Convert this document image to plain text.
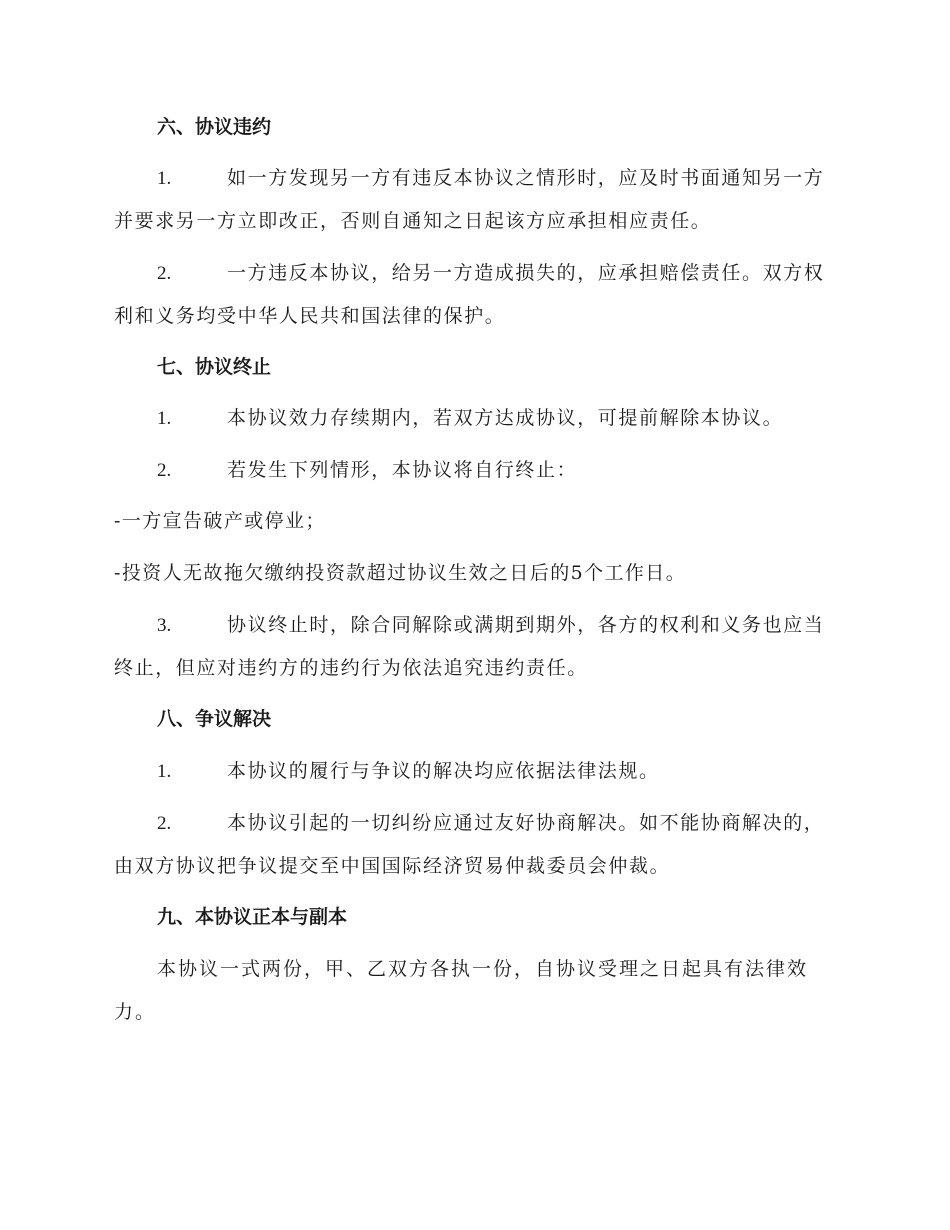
六、协议违约

1.	如一方发现另一方有违反本协议之情形时，应及时书面通知另一方并要求另一方立即改正，否则自通知之日起该方应承担相应责任。

2.	一方违反本协议，给另一方造成损失的，应承担赔偿责任。双方权利和义务均受中华人民共和国法律的保护。

七、协议终止

1.	本协议效力存续期内，若双方达成协议，可提前解除本协议。

2.	若发生下列情形，本协议将自行终止：

-一方宣告破产或停业；

-投资人无故拖欠缴纳投资款超过协议生效之日后的5个工作日。

3.	协议终止时，除合同解除或满期到期外，各方的权利和义务也应当终止，但应对违约方的违约行为依法追究违约责任。

八、争议解决

1.	本协议的履行与争议的解决均应依据法律法规。

2.	本协议引起的一切纠纷应通过友好协商解决。如不能协商解决的，由双方协议把争议提交至中国国际经济贸易仲裁委员会仲裁。

九、本协议正本与副本

本协议一式两份，甲、乙双方各执一份，自协议受理之日起具有法律效力。
